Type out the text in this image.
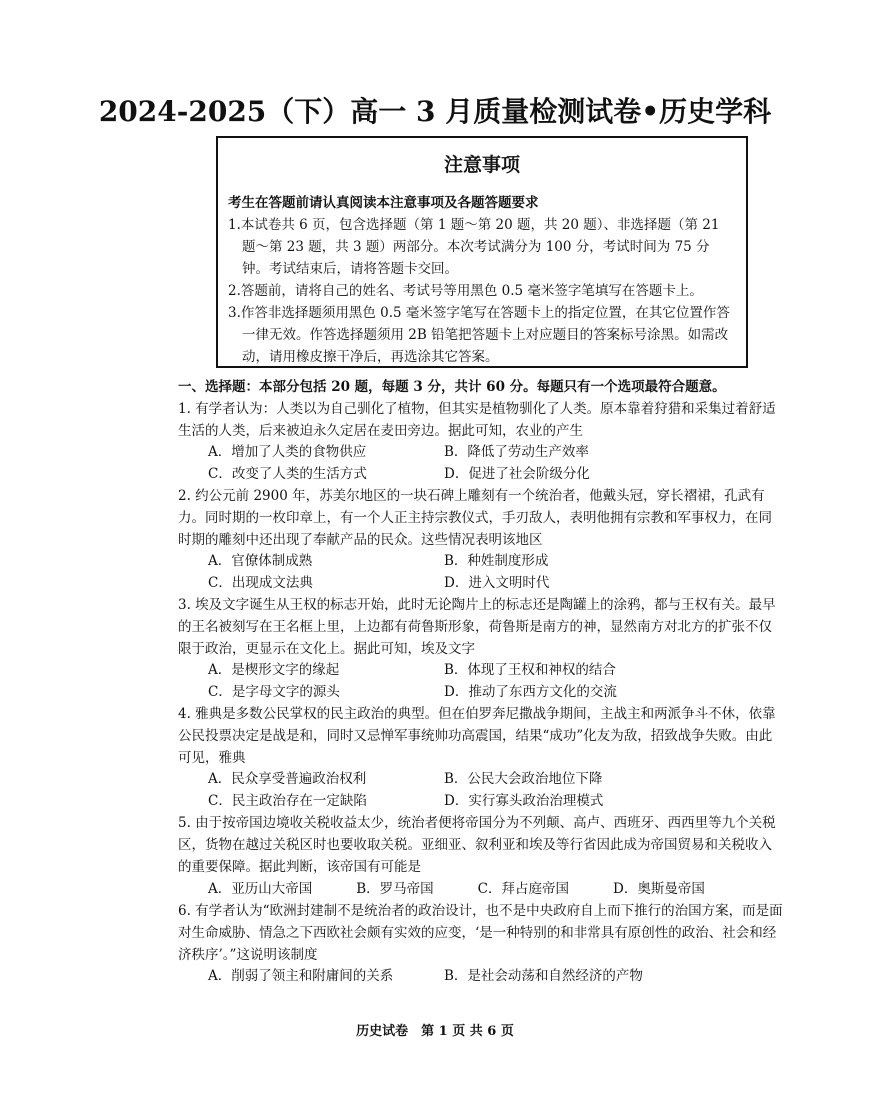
2024-2025（下）高一 3 月质量检测试卷•历史学科
注意事项
考生在答题前请认真阅读本注意事项及各题答题要求

1.本试卷共 6 页，包含选择题（第 1 题～第 20 题，共 20 题）、非选择题（第 21 题～第 23 题，共 3 题）两部分。本次考试满分为 100 分，考试时间为 75 分钟。考试结束后，请将答题卡交回。

2.答题前，请将自己的姓名、考试号等用黑色 0.5 毫米签字笔填写在答题卡上。

3.作答非选择题须用黑色 0.5 毫米签字笔写在答题卡上的指定位置，在其它位置作答一律无效。作答选择题须用 2B 铅笔把答题卡上对应题目的答案标号涂黑。如需改动，请用橡皮擦干净后，再选涂其它答案。

一、选择题：本部分包括 20 题，每题 3 分，共计 60 分。每题只有一个选项最符合题意。

1. 有学者认为：人类以为自己驯化了植物，但其实是植物驯化了人类。原本靠着狩猎和采集过着舒适生活的人类，后来被迫永久定居在麦田旁边。据此可知，农业的产生

A．增加了人类的食物供应	B．降低了劳动生产效率
C．改变了人类的生活方式	D．促进了社会阶级分化

2. 约公元前 2900 年，苏美尔地区的一块石碑上雕刻有一个统治者，他戴头冠，穿长褶裙，孔武有力。同时期的一枚印章上，有一个人正主持宗教仪式，手刃敌人，表明他拥有宗教和军事权力，在同时期的雕刻中还出现了奉献产品的民众。这些情况表明该地区

A．官僚体制成熟	B．种姓制度形成
C．出现成文法典	D．进入文明时代

3. 埃及文字诞生从王权的标志开始，此时无论陶片上的标志还是陶罐上的涂鸦，都与王权有关。最早的王名被刻写在王名框上里，上边都有荷鲁斯形象，荷鲁斯是南方的神，显然南方对北方的扩张不仅限于政治，更显示在文化上。据此可知，埃及文字

A．是楔形文字的缘起	B．体现了王权和神权的结合
C．是字母文字的源头	D．推动了东西方文化的交流

4. 雅典是多数公民掌权的民主政治的典型。但在伯罗奔尼撒战争期间，主战主和两派争斗不休，依靠公民投票决定是战是和，同时又忌惮军事统帅功高震国，结果“成功”化友为敌，招致战争失败。由此可见，雅典

A．民众享受普遍政治权利	B．公民大会政治地位下降
C．民主政治存在一定缺陷	D．实行寡头政治治理模式

5. 由于按帝国边境收关税收益太少，统治者便将帝国分为不列颠、高卢、西班牙、西西里等九个关税区，货物在越过关税区时也要收取关税。亚细亚、叙利亚和埃及等行省因此成为帝国贸易和关税收入的重要保障。据此判断，该帝国有可能是

A．亚历山大帝国	B．罗马帝国	C．拜占庭帝国	D．奥斯曼帝国

6. 有学者认为“欧洲封建制不是统治者的政治设计，也不是中央政府自上而下推行的治国方案，而是面对生命威胁、情急之下西欧社会颇有实效的应变，‘是一种特别的和非常具有原创性的政治、社会和经济秩序’。”这说明该制度

A．削弱了领主和附庸间的关系	B．是社会动荡和自然经济的产物
历史试卷　第 1 页 共 6 页
